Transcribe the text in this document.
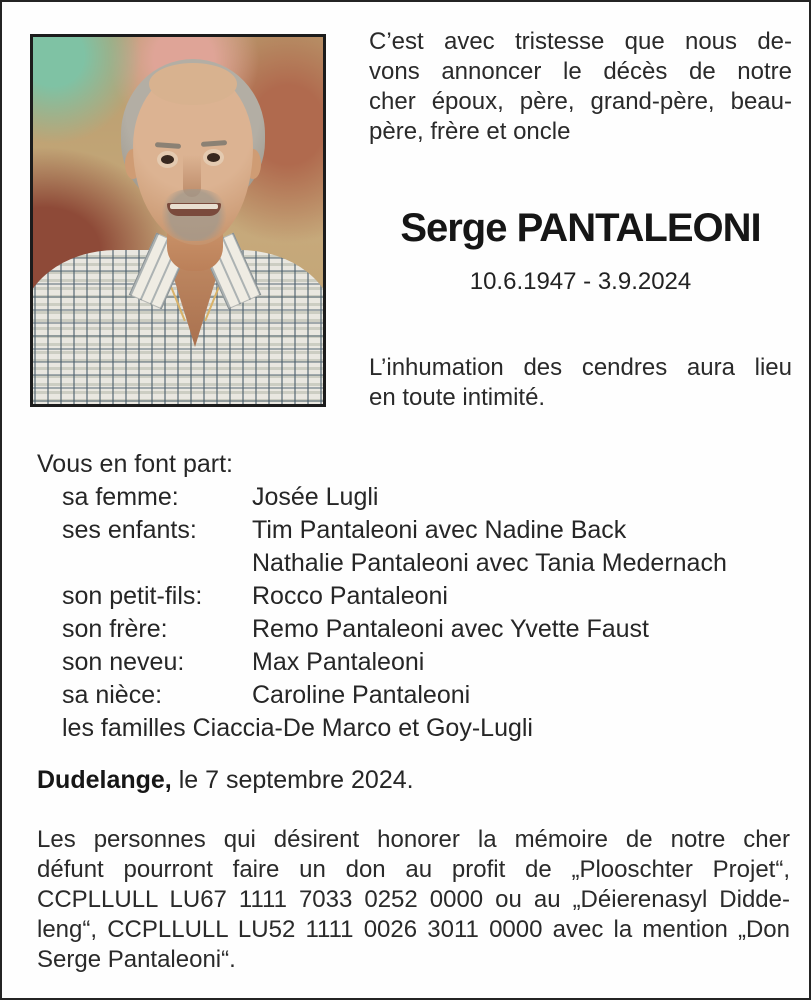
C’est avec tristesse que nous de-
vons annoncer le décès de notre
cher époux, père, grand-père, beau-
père, frère et oncle
Serge PANTALEONI
10.6.1947 - 3.9.2024
L’inhumation des cendres aura lieu
en toute intimité.
Vous en font part:
sa femme:	Josée Lugli
ses enfants:	Tim Pantaleoni avec Nadine Back
Nathalie Pantaleoni avec Tania Medernach
son petit-fils:	Rocco Pantaleoni
son frère:	Remo Pantaleoni avec Yvette Faust
son neveu:	Max Pantaleoni
sa nièce:	Caroline Pantaleoni
les familles Ciaccia-De Marco et Goy-Lugli
Dudelange, le 7 septembre 2024.
Les personnes qui désirent honorer la mémoire de notre cher
défunt pourront faire un don au profit de „Plooschter Projet“,
CCPLLULL LU67 1111 7033 0252 0000 ou au „Déierenasyl Didde-
leng“, CCPLLULL LU52 1111 0026 3011 0000 avec la mention „Don
Serge Pantaleoni“.
